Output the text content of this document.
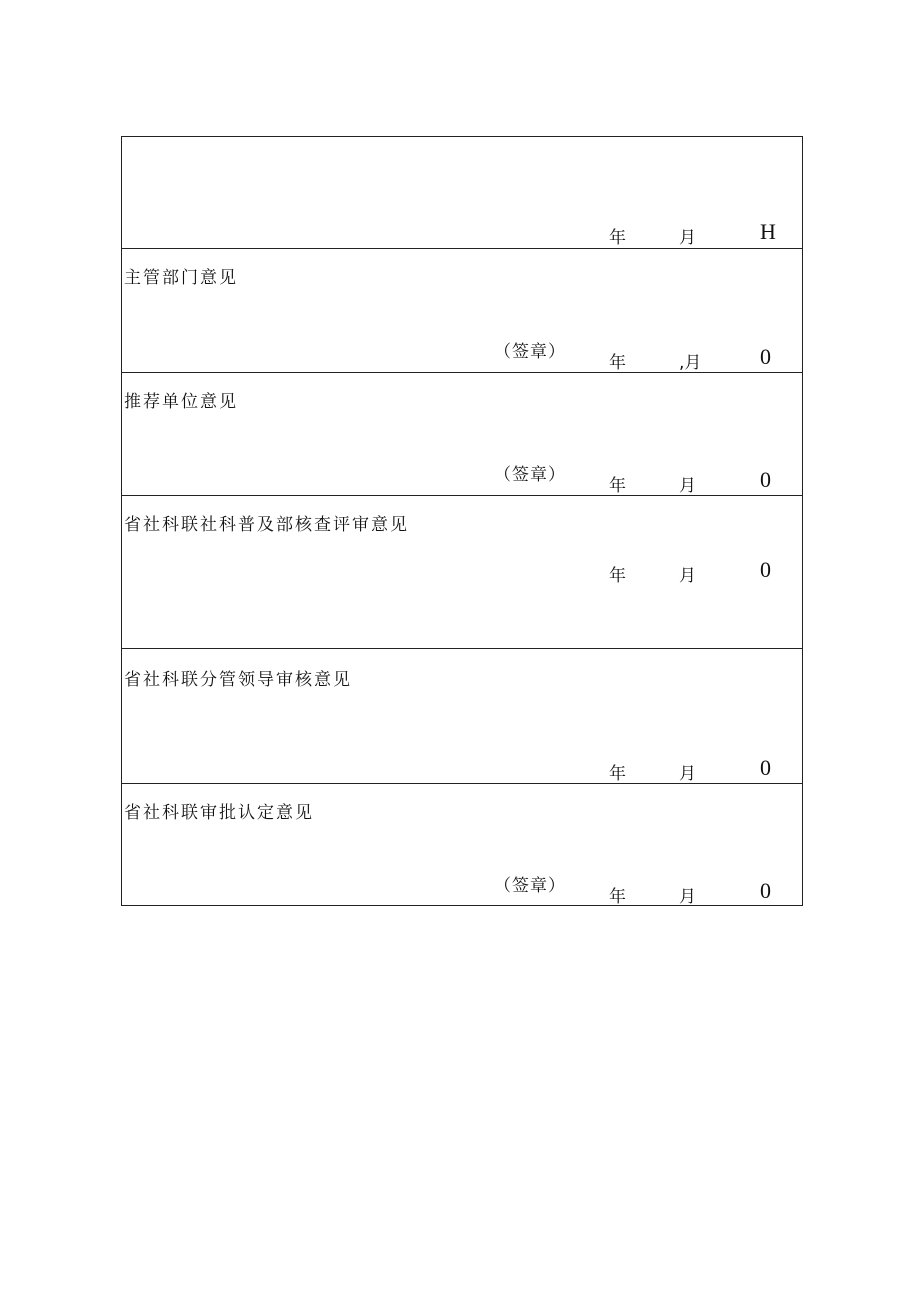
年	月	H
主管部门意见
（签章）
年	,月	0
推荐单位意见
（签章）
年	月	0
省社科联社科普及部核查评审意见
年	月	0
省社科联分管领导审核意见
年	月	0
省社科联审批认定意见
（签章）
年	月	0
